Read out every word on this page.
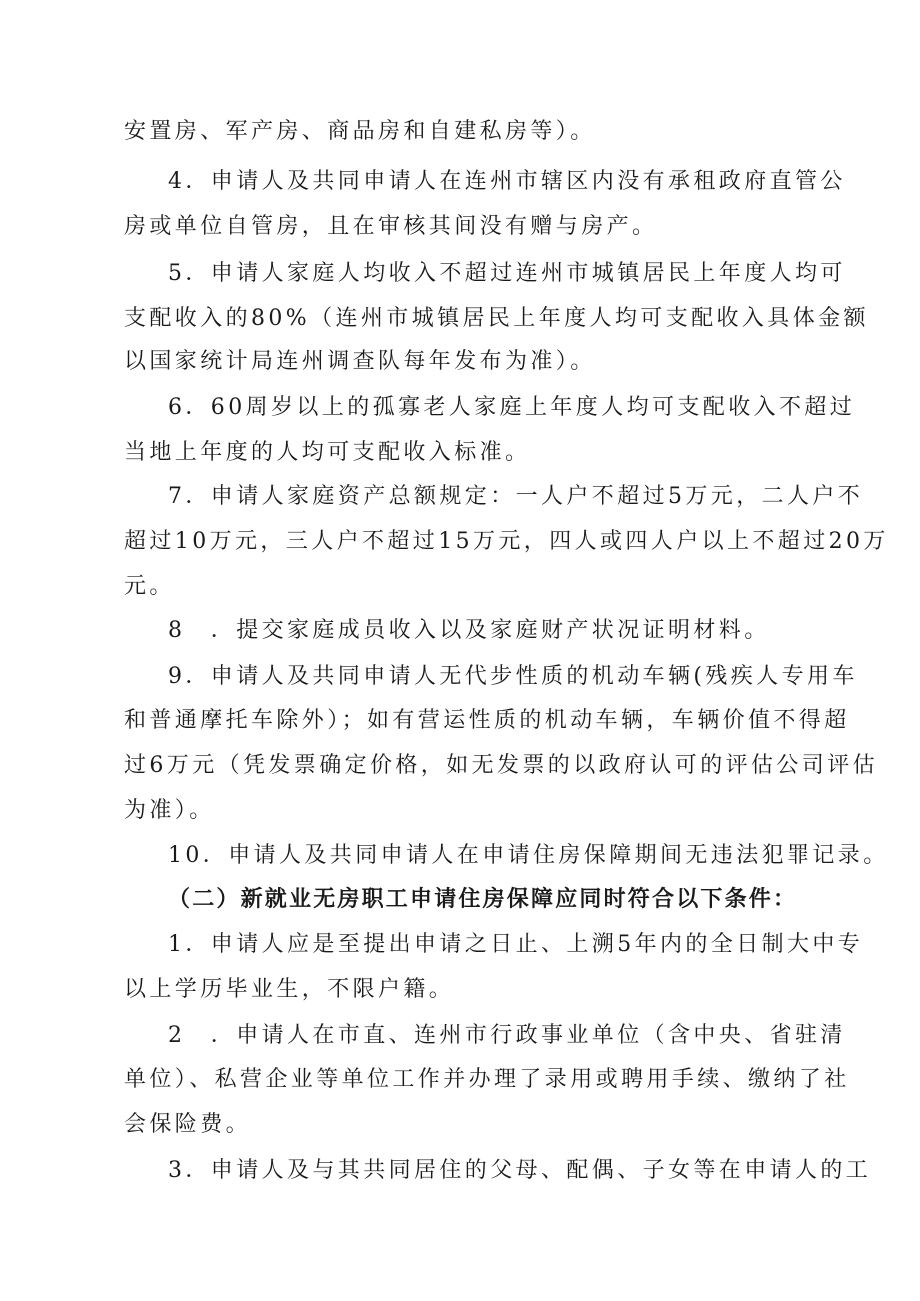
安置房、军产房、商品房和自建私房等）。
4．申请人及共同申请人在连州市辖区内没有承租政府直管公
房或单位自管房，且在审核其间没有赠与房产。
5．申请人家庭人均收入不超过连州市城镇居民上年度人均可
支配收入的80%（连州市城镇居民上年度人均可支配收入具体金额
以国家统计局连州调查队每年发布为准）。
6．60周岁以上的孤寡老人家庭上年度人均可支配收入不超过
当地上年度的人均可支配收入标准。
7．申请人家庭资产总额规定：一人户不超过5万元，二人户不
超过10万元，三人户不超过15万元，四人或四人户以上不超过20万
元。
8　．提交家庭成员收入以及家庭财产状况证明材料。
9．申请人及共同申请人无代步性质的机动车辆(残疾人专用车
和普通摩托车除外）；如有营运性质的机动车辆，车辆价值不得超
过6万元（凭发票确定价格，如无发票的以政府认可的评估公司评估
为准）。
10．申请人及共同申请人在申请住房保障期间无违法犯罪记录。
（二）新就业无房职工申请住房保障应同时符合以下条件：
1．申请人应是至提出申请之日止、上溯5年内的全日制大中专
以上学历毕业生，不限户籍。
2　．申请人在市直、连州市行政事业单位（含中央、省驻清
单位）、私营企业等单位工作并办理了录用或聘用手续、缴纳了社
会保险费。
3．申请人及与其共同居住的父母、配偶、子女等在申请人的工
